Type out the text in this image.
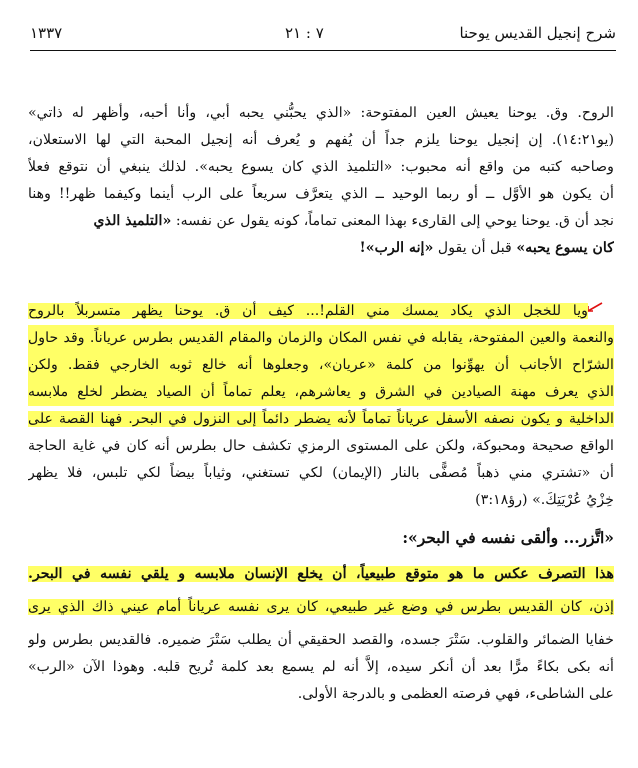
شرح إنجيل القديس يوحنا
٧ : ٢١
١٣٣٧
الروح. وق. يوحنا يعيش العين المفتوحة: «الذي يحبُّني يحبه أبي، وأنا أحبه، وأظهر له ذاتي»
(يو١٤:٢١). إن إنجيل يوحنا يلزم جداً أن يُفهم و يُعرف أنه إنجيل المحبة التي لها الاستعلان،
وصاحبه كتبه من واقع أنه محبوب: «التلميذ الذي كان يسوع يحبه». لذلك ينبغي أن نتوقع فعلاً
أن يكون هو الأوَّل ــ أو ربما الوحيد ــ الذي يتعرَّف سريعاً على الرب أينما وكيفما ظهر!! وهنا
نجد أن ق. يوحنا يوحي إلى القارىء بهذا المعنى تماماً، كونه يقول عن نفسه: «التلميذ الذي
كان يسوع يحبه» قبل أن يقول «إنه الرب»!
ويا للخجل الذي يكاد يمسك مني القلم!... كيف أن ق. يوحنا يظهر متسربلاً بالروح
والنعمة والعين المفتوحة، يقابله في نفس المكان والزمان والمقام القديس بطرس عرياناً. وقد حاول
الشرّاح الأجانب أن يهوِّنوا من كلمة «عريان»، وجعلوها أنه خالع ثوبه الخارجي فقط. ولكن
الذي يعرف مهنة الصيادين في الشرق و يعاشرهم، يعلم تماماً أن الصياد يضطر لخلع ملابسه
الداخلية و يكون نصفه الأسفل عرياناً تماماً لأنه يضطر دائماً إلى النزول في البحر. فهنا القصة على
الواقع صحيحة ومحبوكة، ولكن على المستوى الرمزي تكشف حال بطرس أنه كان في غاية الحاجة
أن «تشتري مني ذهباً مُصفًّى بالنار (الإيمان) لكي تستغني، وثياباً بيضاً لكي تلبس، فلا يظهر
خِزْيُ عُرْيَتِكَ.» (رؤ٣:١٨)
«اتَّزر... وألقى نفسه في البحر»:
هذا التصرف عكس ما هو متوقع طبيعياً، أن يخلع الإنسان ملابسه و يلقي نفسه في البحر.
إذن، كان القديس بطرس في وضع غير طبيعي، كان يرى نفسه عرياناً أمام عيني ذاك الذي يرى
خفايا الضمائر والقلوب. سَتْرَ جسده، والقصد الحقيقي أن يطلب سَتْرَ ضميره. فالقديس بطرس ولو
أنه بكى بكاءً مرًّا بعد أن أنكر سيده، إلاَّ أنه لم يسمع بعد كلمة تُريح قلبه. وهوذا الآن «الرب»
على الشاطىء، فهي فرصته العظمى و بالدرجة الأولى.
